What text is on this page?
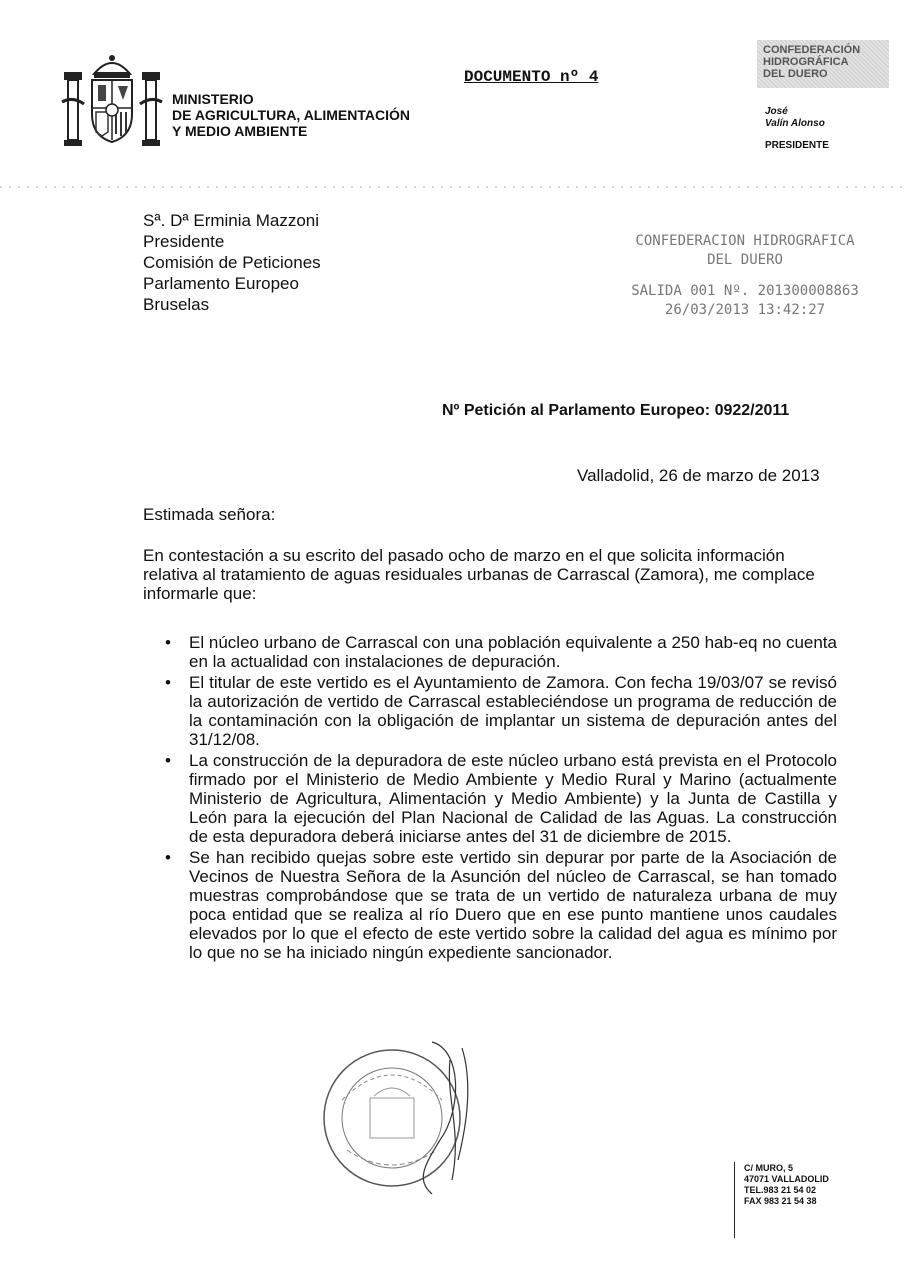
MINISTERIO
DE AGRICULTURA, ALIMENTACIÓN
Y MEDIO AMBIENTE
DOCUMENTO nº 4
CONFEDERACIÓN
HIDROGRÁFICA
DEL DUERO
José
Valín Alonso
PRESIDENTE
Sª. Dª Erminia Mazzoni
Presidente
Comisión de Peticiones
Parlamento Europeo
Bruselas
CONFEDERACION HIDROGRAFICA
DEL DUERO
SALIDA 001 Nº. 201300008863
26/03/2013 13:42:27
Nº Petición al Parlamento Europeo: 0922/2011
Valladolid, 26 de marzo de 2013
Estimada señora:
En contestación a su escrito del pasado ocho de marzo en el que solicita información relativa al tratamiento de aguas residuales urbanas de Carrascal (Zamora), me complace informarle que:
• El núcleo urbano de Carrascal con una población equivalente a 250 hab-eq no cuenta en la actualidad con instalaciones de depuración.
• El titular de este vertido es el Ayuntamiento de Zamora. Con fecha 19/03/07 se revisó la autorización de vertido de Carrascal estableciéndose un programa de reducción de la contaminación con la obligación de implantar un sistema de depuración antes del 31/12/08.
• La construcción de la depuradora de este núcleo urbano está prevista en el Protocolo firmado por el Ministerio de Medio Ambiente y Medio Rural y Marino (actualmente Ministerio de Agricultura, Alimentación y Medio Ambiente) y la Junta de Castilla y León para la ejecución del Plan Nacional de Calidad de las Aguas. La construcción de esta depuradora deberá iniciarse antes del 31 de diciembre de 2015.
• Se han recibido quejas sobre este vertido sin depurar por parte de la Asociación de Vecinos de Nuestra Señora de la Asunción del núcleo de Carrascal, se han tomado muestras comprobándose que se trata de un vertido de naturaleza urbana de muy poca entidad que se realiza al río Duero que en ese punto mantiene unos caudales elevados por lo que el efecto de este vertido sobre la calidad del agua es mínimo por lo que no se ha iniciado ningún expediente sancionador.
C/ MURO, 5
47071 VALLADOLID
TEL.983 21 54 02
FAX 983 21 54 38
